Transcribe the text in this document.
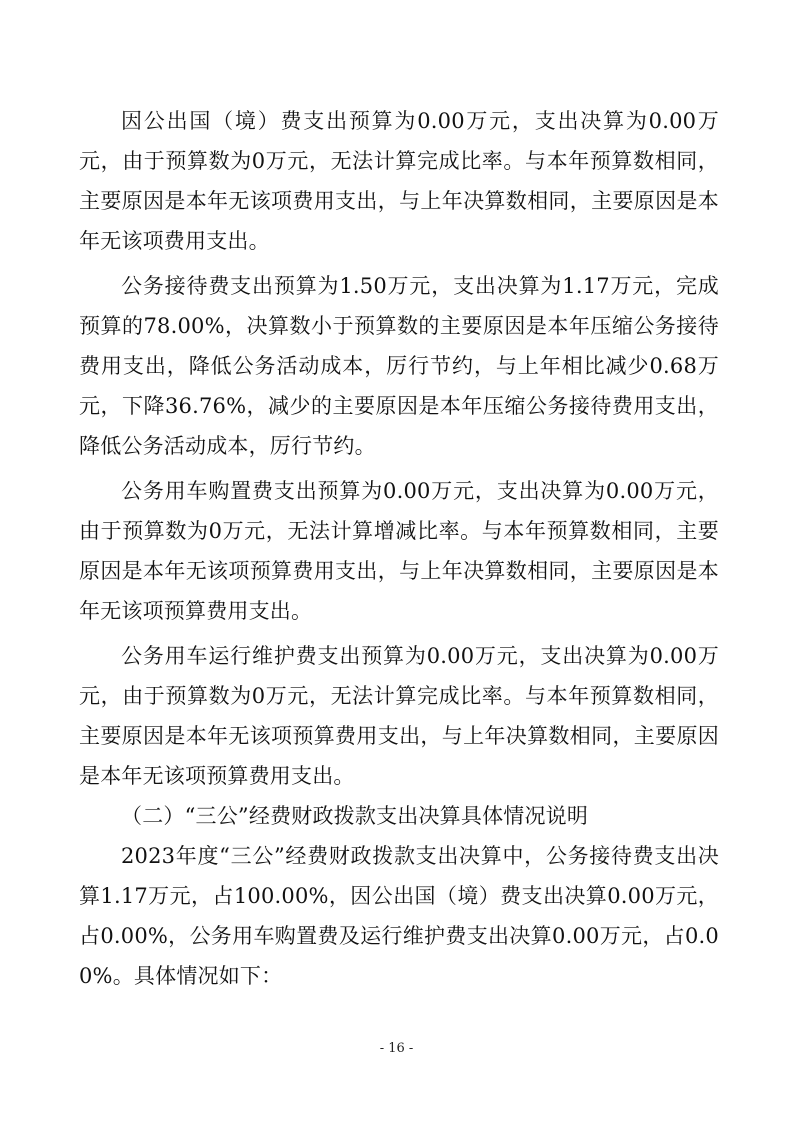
因公出国（境）费支出预算为0.00万元，支出决算为0.00万元，由于预算数为0万元，无法计算完成比率。与本年预算数相同，主要原因是本年无该项费用支出，与上年决算数相同，主要原因是本年无该项费用支出。

公务接待费支出预算为1.50万元，支出决算为1.17万元，完成预算的78.00%，决算数小于预算数的主要原因是本年压缩公务接待费用支出，降低公务活动成本，厉行节约，与上年相比减少0.68万元，下降36.76%，减少的主要原因是本年压缩公务接待费用支出，降低公务活动成本，厉行节约。

公务用车购置费支出预算为0.00万元，支出决算为0.00万元，由于预算数为0万元，无法计算增减比率。与本年预算数相同，主要原因是本年无该项预算费用支出，与上年决算数相同，主要原因是本年无该项预算费用支出。

公务用车运行维护费支出预算为0.00万元，支出决算为0.00万元，由于预算数为0万元，无法计算完成比率。与本年预算数相同，主要原因是本年无该项预算费用支出，与上年决算数相同，主要原因是本年无该项预算费用支出。

（二）“三公”经费财政拨款支出决算具体情况说明

2023年度“三公”经费财政拨款支出决算中，公务接待费支出决算1.17万元，占100.00%，因公出国（境）费支出决算0.00万元，占0.00%，公务用车购置费及运行维护费支出决算0.00万元，占0.00%。具体情况如下：

- 16 -
